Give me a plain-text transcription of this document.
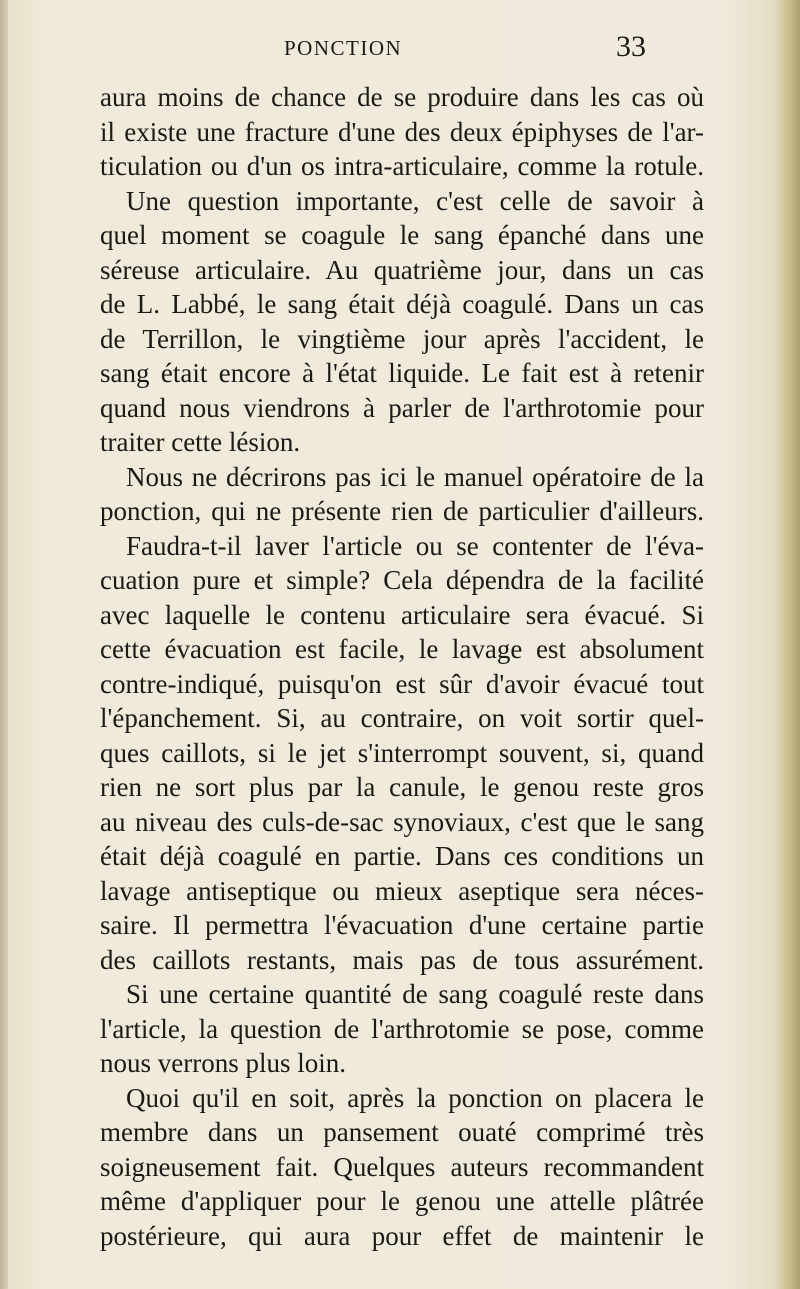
PONCTION	33
aura moins de chance de se produire dans les cas où
il existe une fracture d'une des deux épiphyses de l'ar-
ticulation ou d'un os intra-articulaire, comme la rotule.
Une question importante, c'est celle de savoir à
quel moment se coagule le sang épanché dans une
séreuse articulaire. Au quatrième jour, dans un cas
de L. Labbé, le sang était déjà coagulé. Dans un cas
de Terrillon, le vingtième jour après l'accident, le
sang était encore à l'état liquide. Le fait est à retenir
quand nous viendrons à parler de l'arthrotomie pour
traiter cette lésion.
Nous ne décrirons pas ici le manuel opératoire de la
ponction, qui ne présente rien de particulier d'ailleurs.
Faudra-t-il laver l'article ou se contenter de l'éva-
cuation pure et simple? Cela dépendra de la facilité
avec laquelle le contenu articulaire sera évacué. Si
cette évacuation est facile, le lavage est absolument
contre-indiqué, puisqu'on est sûr d'avoir évacué tout
l'épanchement. Si, au contraire, on voit sortir quel-
ques caillots, si le jet s'interrompt souvent, si, quand
rien ne sort plus par la canule, le genou reste gros
au niveau des culs-de-sac synoviaux, c'est que le sang
était déjà coagulé en partie. Dans ces conditions un
lavage antiseptique ou mieux aseptique sera néces-
saire. Il permettra l'évacuation d'une certaine partie
des caillots restants, mais pas de tous assurément.
Si une certaine quantité de sang coagulé reste dans
l'article, la question de l'arthrotomie se pose, comme
nous verrons plus loin.
Quoi qu'il en soit, après la ponction on placera le
membre dans un pansement ouaté comprimé très
soigneusement fait. Quelques auteurs recommandent
même d'appliquer pour le genou une attelle plâtrée
postérieure, qui aura pour effet de maintenir le
